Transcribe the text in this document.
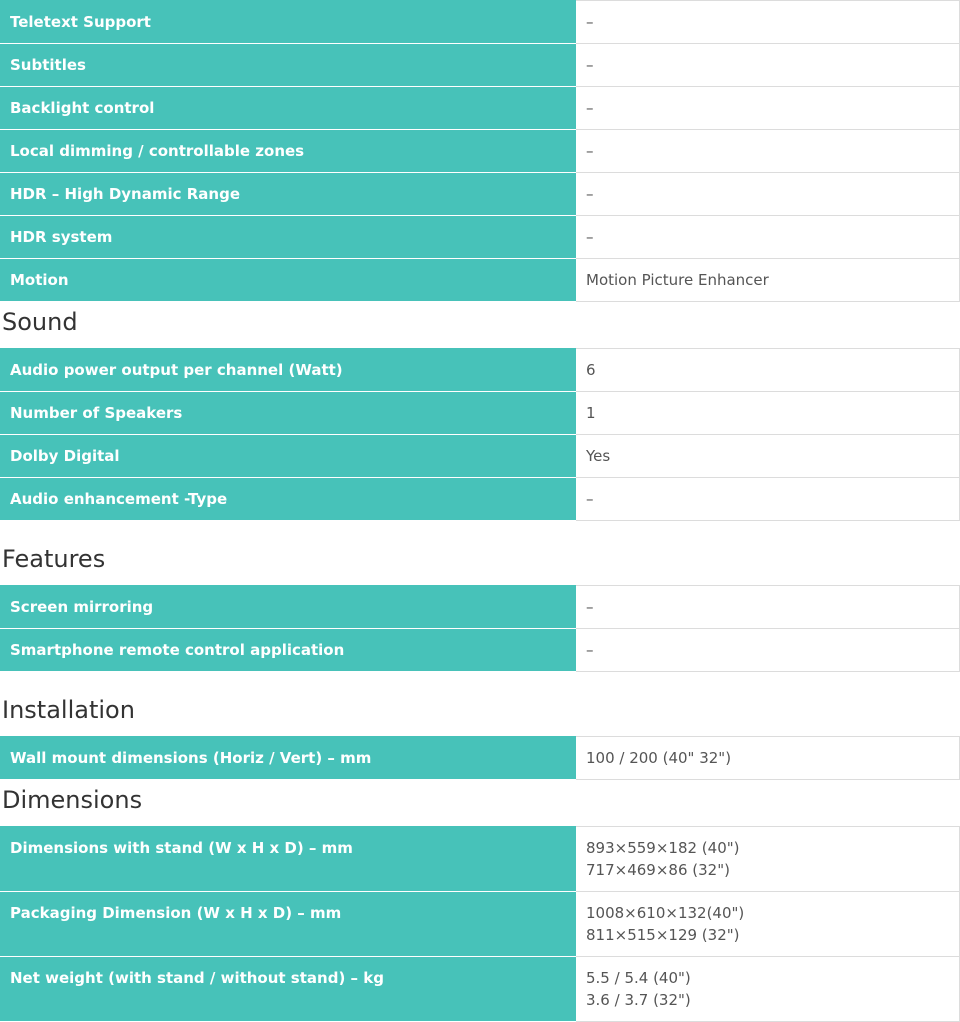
Teletext Support	–

Subtitles	–

Backlight control	–

Local dimming / controllable zones	–

HDR – High Dynamic Range	–

HDR system	–

Motion	Motion Picture Enhancer
Sound
Audio power output per channel (Watt)	6

Number of Speakers	1

Dolby Digital	Yes

Audio enhancement -Type	–
Features
Screen mirroring	–

Smartphone remote control application	–
Installation
Wall mount dimensions (Horiz / Vert) – mm	100 / 200 (40" 32")
Dimensions
Dimensions with stand (W x H x D) – mm	893×559×182 (40")
717×469×86 (32")

Packaging Dimension (W x H x D) – mm	1008×610×132(40")
811×515×129 (32")

Net weight (with stand / without stand) – kg	5.5 / 5.4 (40")
3.6 / 3.7 (32")
